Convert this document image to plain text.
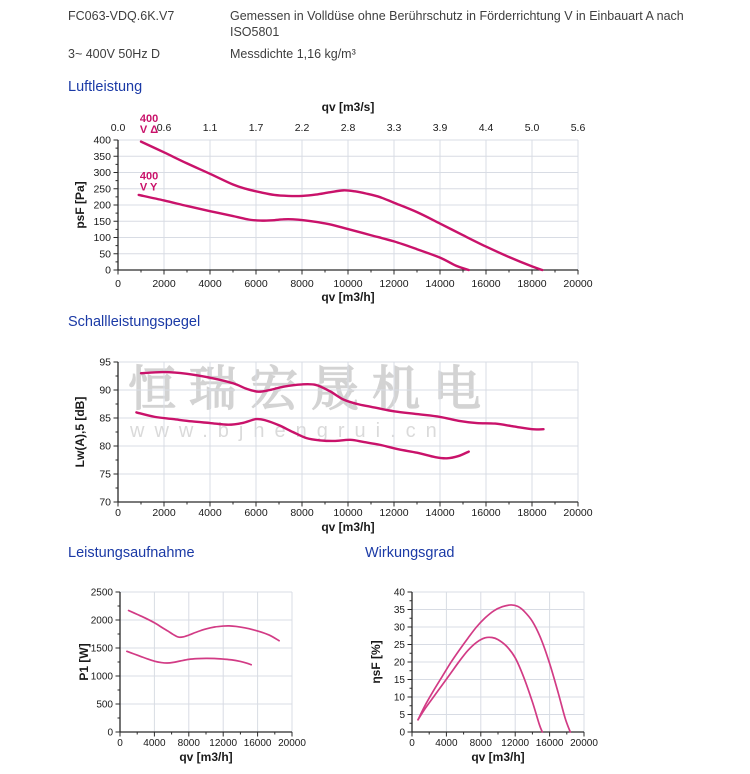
FC063-VDQ.6K.V7	Gemessen in Volldüse ohne Berührschutz in Förderrichtung V in Einbauart A nach
ISO5801
3~ 400V 50Hz D	Messdichte 1,16 kg/m³
Luftleistung
Schallleistungspegel
Leistungsaufnahme	Wirkungsgrad
恒瑞宏晟机电
www.bjhengrui.cn
0	2000 4000 6000 8000 10000 12000 14000 16000 18000 20000
0
50
100
150
200
250
300
350
400
0.0	0.6	1.1	1.7	2.2	2.8	3.3	3.9	4.4	5.0	5.6
qv [m3/s]
qv [m3/h]
psF [Pa]
400
V Δ
400
V Y
0	2000 4000 6000 8000 10000 12000 14000 16000 18000 20000
70
75
80
85
90
95
qv [m3/h]
Lw(A),5 [dB]
0 4000 8000 12000 16000 20000
0
500
1000
1500
2000
2500
qv [m3/h]
P1 [W]
0 4000 8000 12000 16000 20000
0
5
10
15
20
25
30
35
40
qv [m3/h]
ηsF [%]
